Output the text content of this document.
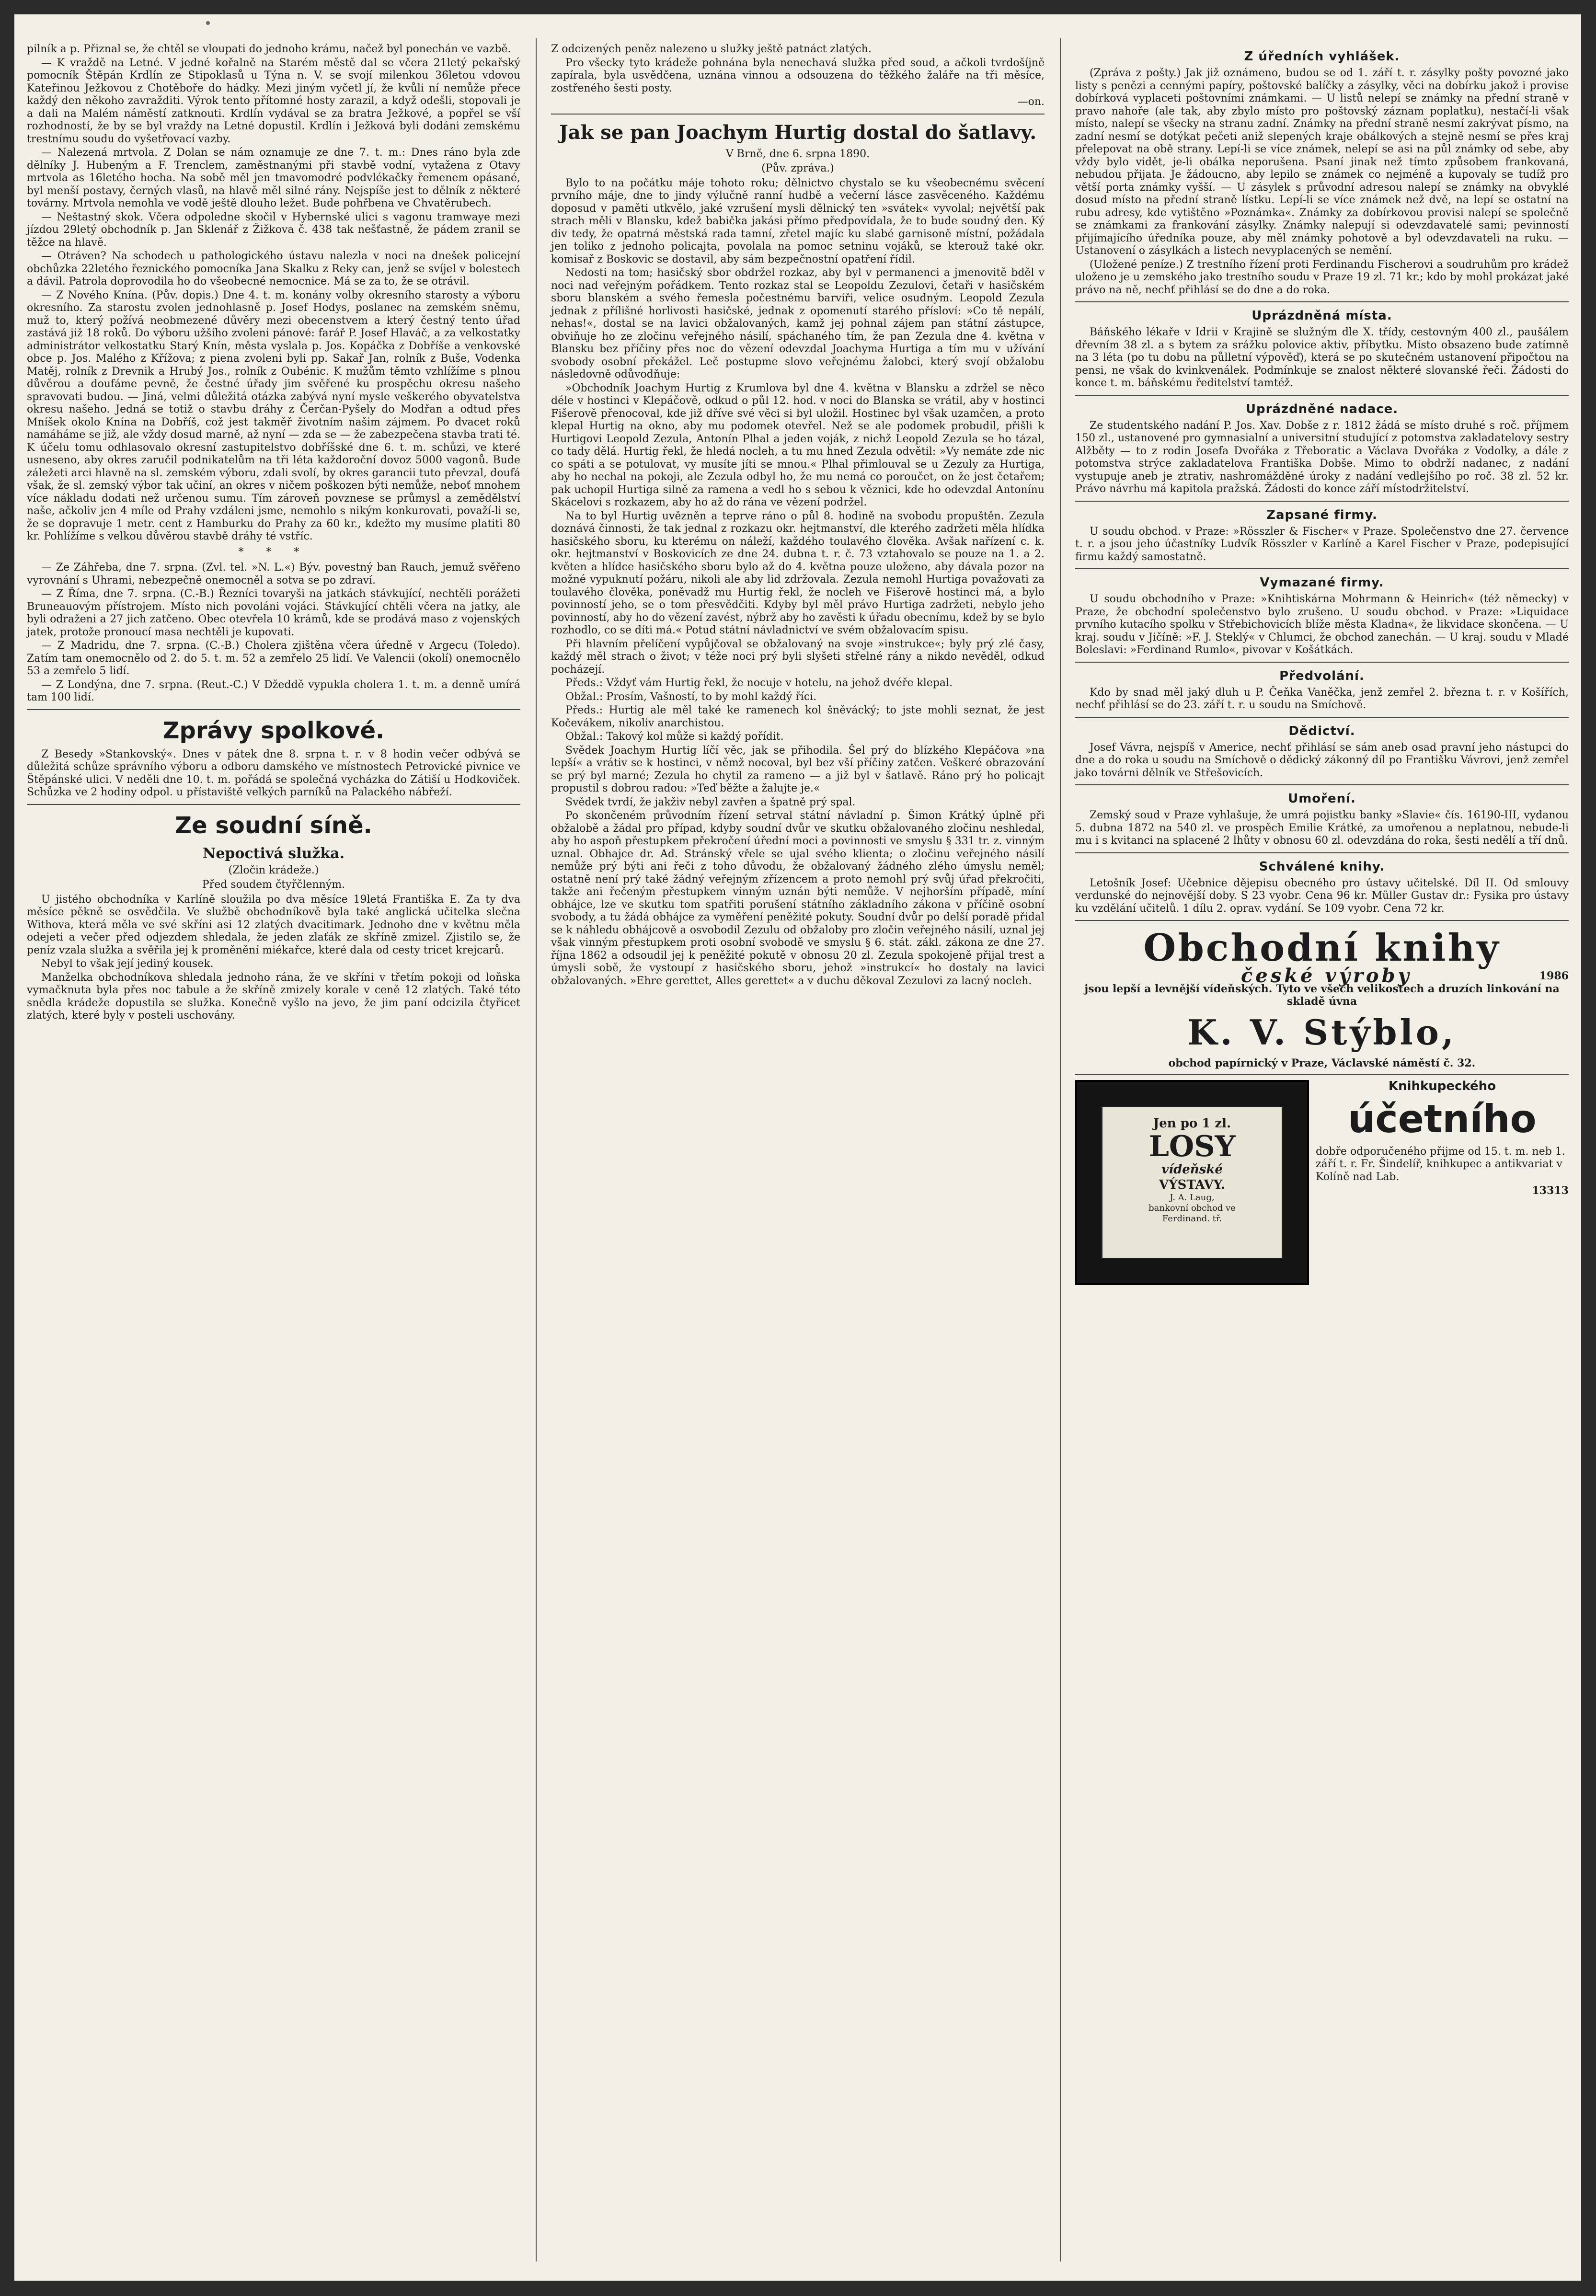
pilník a p. Přiznal se, že chtěl se vloupati do jednoho krámu, načež byl ponechán ve vazbě.

— K vraždě na Letné. V jedné kořalně na Starém městě dal se včera 21letý pekařský pomocník Štěpán Krdlín ze Stipoklasů u Týna n. V. se svojí milenkou 36letou vdovou Kateřinou Ježkovou z Chotěboře do hádky. Mezi jiným vyčetl jí, že kvůli ní nemůže přece každý den někoho zavražditi. Výrok tento přítomné hosty zarazil, a když odešli, stopovali je a dali na Malém náměstí zatknouti. Krdlín vydával se za bratra Ježkové, a popřel se vší rozhodností, že by se byl vraždy na Letné dopustil. Krdlín i Ježková byli dodáni zemskému trestnímu soudu do vyšetřovací vazby.

— Nalezená mrtvola. Z Dolan se nám oznamuje ze dne 7. t. m.: Dnes ráno byla zde dělníky J. Hubeným a F. Trenclem, zaměstnanými při stavbě vodní, vytažena z Otavy mrtvola as 16letého hocha. Na sobě měl jen tmavomodré podvlékačky řemenem opásané, byl menší postavy, černých vlasů, na hlavě měl silné rány. Nejspíše jest to dělník z některé továrny. Mrtvola nemohla ve vodě ještě dlouho ležet. Bude pohřbena ve Chvatěrubech.

— Neštastný skok. Včera odpoledne skočil v Hybernské ulici s vagonu tramwaye mezi jízdou 29letý obchodník p. Jan Sklenář z Žižkova č. 438 tak nešťastně, že pádem zranil se těžce na hlavě.

— Otráven? Na schodech u pathologického ústavu nalezla v noci na dnešek policejní obchůzka 22letého řeznického pomocníka Jana Skalku z Reky can, jenž se svíjel v bolestech a dávil. Patrola doprovodila ho do všeobecné nemocnice. Má se za to, že se otrávil.

— Z Nového Knína. (Pův. dopis.) Dne 4. t. m. konány volby okresního starosty a výboru okresního. Za starostu zvolen jednohlasně p. Josef Hodys, poslanec na zemském sněmu, muž to, který požívá neobmezené důvěry mezi obecenstvem a který čestný tento úřad zastává již 18 roků. Do výboru užšího zvoleni pánové: farář P. Josef Hlaváč, a za velkostatky administrátor velkostatku Starý Knín, města vyslala p. Jos. Kopáčka z Dobříše a venkovské obce p. Jos. Malého z Křížova; z piena zvoleni byli pp. Sakař Jan, rolník z Buše, Vodenka Matěj, rolník z Drevnik a Hrubý Jos., rolník z Oubénic. K mužům těmto vzhlížíme s plnou důvěrou a doufáme pevně, že čestné úřady jim svěřené ku prospěchu okresu našeho spravovati budou. — Jiná, velmi důležitá otázka zabývá nyní mysle veškerého obyvatelstva okresu našeho. Jedná se totiž o stavbu dráhy z Čerčan-Pyšely do Modřan a odtud přes Mníšek okolo Knína na Dobříš, což jest takměř životním našim zájmem. Po dvacet roků namáháme se již, ale vždy dosud marně, až nyní — zda se — že zabezpečena stavba trati té. K účelu tomu odhlasovalo okresní zastupitelstvo dobříšské dne 6. t. m. schůzi, ve které usneseno, aby okres zaručil podnikatelům na tři léta každoroční dovoz 5000 vagonů. Bude záležeti arci hlavně na sl. zemském výboru, zdali svolí, by okres garancii tuto převzal, doufá však, že sl. zemský výbor tak učiní, an okres v ničem poškozen býti nemůže, neboť mnohem více nákladu dodati než určenou sumu. Tím zároveň povznese se průmysl a zemědělství naše, ačkoliv jen 4 míle od Prahy vzdáleni jsme, nemohlo s nikým konkurovati, považí-li se, že se dopravuje 1 metr. cent z Hamburku do Prahy za 60 kr., kdežto my musíme platiti 80 kr. Pohlížíme s velkou důvěrou stavbě dráhy té vstříc.

* * *

— Ze Záhřeba, dne 7. srpna. (Zvl. tel. »N. L.«) Býv. povestný ban Rauch, jemuž svěřeno vyrovnání s Uhrami, nebezpečně onemocněl a sotva se po zdraví.

— Z Říma, dne 7. srpna. (C.-B.) Řezníci tovaryši na jatkách stávkující, nechtěli porážeti Bruneauovým přístrojem. Místo nich povoláni vojáci. Stávkující chtěli včera na jatky, ale byli odraženi a 27 jich zatčeno. Obec otevřela 10 krámů, kde se prodává maso z vojenských jatek, protože pronoucí masa nechtěli je kupovati.

— Z Madridu, dne 7. srpna. (C.-B.) Cholera zjištěna včera úředně v Argecu (Toledo). Zatím tam onemocnělo od 2. do 5. t. m. 52 a zemřelo 25 lidí. Ve Valencii (okolí) onemocnělo 53 a zemřelo 5 lidí.

— Z Londýna, dne 7. srpna. (Reut.-C.) V Džeddě vypukla cholera 1. t. m. a denně umírá tam 100 lidí.

Zprávy spolkové.

Z Besedy »Stankovský«. Dnes v pátek dne 8. srpna t. r. v 8 hodin večer odbývá se důležitá schůze správního výboru a odboru damského ve místnostech Petrovické pivnice ve Štěpánské ulici. V neděli dne 10. t. m. pořádá se společná vycházka do Zátiší u Hodkoviček. Schůzka ve 2 hodiny odpol. u přístaviště velkých parníků na Palackého nábřeží.

Ze soudní síně.
Nepoctivá služka.
(Zločin krádeže.)
Před soudem čtyřčlenným.

U jistého obchodníka v Karlíně sloužila po dva měsíce 19letá Františka E. Za ty dva měsíce pěkně se osvědčila. Ve službě obchodníkově byla také anglická učitelka slečna Withova, která měla ve své skříni asi 12 zlatých dvacitimark. Jednoho dne v květnu měla odejeti a večer před odjezdem shledala, že jeden zlaťák ze skříně zmizel. Zjistilo se, že peníz vzala služka a svěřila jej k proměnění miékařce, které dala od cesty tricet krejcarů.

Nebyl to však její jediný kousek.

Manželka obchodníkova shledala jednoho rána, že ve skříni v třetím pokoji od loňska vymačknuta byla přes noc tabule a že skříně zmizely korale v ceně 12 zlatých. Také této snědla krádeže dopustila se služka. Konečně vyšlo na jevo, že jim paní odcizila čtyřicet zlatých, které byly v posteli uschovány.

Z odcizených peněz nalezeno u služky ještě patnáct zlatých.

Pro všecky tyto krádeže pohnána byla nenechavá služka před soud, a ačkoli tvrdošíjně zapírala, byla usvědčena, uznána vinnou a odsouzena do těžkého žaláře na tři měsíce, zostřeného šesti posty.

—on.
Jak se pan Joachym Hurtig dostal do šatlavy.
V Brně, dne 6. srpna 1890.
(Pův. zpráva.)

Bylo to na počátku máje tohoto roku; dělnictvo chystalo se ku všeobecnému svěcení prvního máje, dne to jindy výlučně ranní hudbě a večerní lásce zasvěceného. Každému doposud v paměti utkvělo, jaké vzrušení mysli dělnický ten »svátek« vyvolal; největší pak strach měli v Blansku, kdež babička jakási přímo předpovídala, že to bude soudný den. Ký div tedy, že opatrná městská rada tamní, zřetel majíc ku slabé garnisoně místní, požádala jen toliko z jednoho policajta, povolala na pomoc setninu vojáků, se kterouž také okr. komisař z Boskovic se dostavil, aby sám bezpečnostní opatření řídil.

Nedosti na tom; hasičský sbor obdržel rozkaz, aby byl v permanenci a jmenovitě bděl v noci nad veřejným pořádkem. Tento rozkaz stal se Leopoldu Zezulovi, četaři v hasičském sboru blanském a svého řemesla počestnému barvíři, velice osudným. Leopold Zezula jednak z přílišné horlivosti hasičské, jednak z opomenutí starého přísloví: »Co tě nepálí, nehas!«, dostal se na lavici obžalovaných, kamž jej pohnal zájem pan státní zástupce, obviňuje ho ze zločinu veřejného násilí, spáchaného tím, že pan Zezula dne 4. května v Blansku bez příčiny přes noc do vězení odevzdal Joachyma Hurtiga a tím mu v užívání svobody osobní překážel. Leč postupme slovo veřejnému žalobci, který svojí obžalobu následovně odůvodňuje:

»Obchodník Joachym Hurtig z Krumlova byl dne 4. května v Blansku a zdržel se něco déle v hostinci v Klepáčově, odkud o půl 12. hod. v noci do Blanska se vrátil, aby v hostinci Fišerově přenocoval, kde již dříve své věci si byl uložil. Hostinec byl však uzamčen, a proto klepal Hurtig na okno, aby mu podomek otevřel. Než se ale podomek probudil, přišli k Hurtigovi Leopold Zezula, Antonín Plhal a jeden voják, z nichž Leopold Zezula se ho tázal, co tady dělá. Hurtig řekl, že hledá nocleh, a tu mu hned Zezula odvětil: »Vy nemáte zde nic co spáti a se potulovat, vy musíte jíti se mnou.« Plhal přimlouval se u Zezuly za Hurtiga, aby ho nechal na pokoji, ale Zezula odbyl ho, že mu nemá co poroučet, on že jest četařem; pak uchopil Hurtiga silně za ramena a vedl ho s sebou k věznici, kde ho odevzdal Antonínu Skácelovi s rozkazem, aby ho až do rána ve vězení podržel.

Na to byl Hurtig uvězněn a teprve ráno o půl 8. hodině na svobodu propuštěn. Zezula doznává činnosti, že tak jednal z rozkazu okr. hejtmanství, dle kterého zadržeti měla hlídka hasičského sboru, ku kterému on náleží, každého toulavého člověka. Avšak nařízení c. k. okr. hejtmanství v Boskovicích ze dne 24. dubna t. r. č. 73 vztahovalo se pouze na 1. a 2. květen a hlídce hasičského sboru bylo až do 4. května pouze uloženo, aby dávala pozor na možné vypuknutí požáru, nikoli ale aby lid zdržovala. Zezula nemohl Hurtiga považovati za toulavého člověka, poněvadž mu Hurtig řekl, že nocleh ve Fišerově hostinci má, a bylo povinností jeho, se o tom přesvědčiti. Kdyby byl měl právo Hurtiga zadržeti, nebylo jeho povinností, aby ho do vězení zavést, nýbrž aby ho zavěsti k úřadu obecnímu, kdež by se bylo rozhodlo, co se díti má.« Potud státní návladnictví ve svém obžalovacím spisu.

Při hlavním přelíčení vypůjčoval se obžalovaný na svoje »instrukce«; byly prý zlé časy, každý měl strach o život; v téže noci prý byli slyšeti střelné rány a nikdo nevěděl, odkud pocházejí.

Předs.: Vždyť vám Hurtig řekl, že nocuje v hotelu, na jehož dvéře klepal.

Obžal.: Prosím, Vašností, to by mohl každý říci.

Předs.: Hurtig ale měl také ke ramenech kol šněvácký; to jste mohli seznat, že jest Kočevákem, nikoliv anarchistou.

Obžal.: Takový kol může si každý pořídit.

Svědek Joachym Hurtig líčí věc, jak se přihodila. Šel prý do blízkého Klepáčova »na lepší« a vrátiv se k hostinci, v němž nocoval, byl bez vší příčiny zatčen. Veškeré obrazování se prý byl marné; Zezula ho chytil za rameno — a již byl v šatlavě. Ráno prý ho policajt propustil s dobrou radou: »Teď běžte a žalujte je.«

Svědek tvrdí, že jakživ nebyl zavřen a špatně prý spal.

Po skončeném průvodním řízení setrval státní návladní p. Šimon Krátký úplně při obžalobě a žádal pro případ, kdyby soudní dvůr ve skutku obžalovaného zločinu neshledal, aby ho aspoň přestupkem překročení úřední moci a povinnosti ve smyslu § 331 tr. z. vinným uznal. Obhajce dr. Ad. Stránský vřele se ujal svého klienta; o zločinu veřejného násilí nemůže prý býti ani řeči z toho důvodu, že obžalovaný žádného zlého úmyslu neměl; ostatně není prý také žádný veřejným zřízencem a proto nemohl prý svůj úřad překročiti, takže ani řečeným přestupkem vinným uznán býti nemůže. V nejhorším případě, míní obhájce, lze ve skutku tom spatřiti porušení státního základního zákona v příčině osobní svobody, a tu žádá obhájce za vyměření peněžité pokuty. Soudní dvůr po delší poradě přidal se k náhledu obhájcově a osvobodil Zezulu od obžaloby pro zločin veřejného násilí, uznal jej však vinným přestupkem proti osobní svobodě ve smyslu § 6. stát. zákl. zákona ze dne 27. října 1862 a odsoudil jej k peněžité pokutě v obnosu 20 zl. Zezula spokojeně přijal trest a úmysli sobě, že vystoupí z hasičského sboru, jehož »instrukcí« ho dostaly na lavici obžalovaných. »Ehre gerettet, Alles gerettet« a v duchu děkoval Zezulovi za lacný nocleh.

Z úředních vyhlášek.

(Zpráva z pošty.) Jak již oznámeno, budou se od 1. září t. r. zásylky pošty povozné jako listy s penězi a cennými papíry, poštovské balíčky a zásylky, věci na dobírku jakož i provise dobírková vyplaceti poštovními známkami. — U listů nelepí se známky na přední straně v pravo nahoře (ale tak, aby zbylo místo pro poštovský záznam poplatku), nestačí-li však místo, nalepí se všecky na stranu zadní. Známky na přední straně nesmí zakrývat písmo, na zadní nesmí se dotýkat pečeti aniž slepených kraje obálkových a stejně nesmí se přes kraj přelepovat na obě strany. Lepí-li se více známek, nelepí se asi na půl známky od sebe, aby vždy bylo vidět, je-li obálka neporušena. Psaní jinak než tímto způsobem frankovaná, nebudou přijata. Je žádoucno, aby lepilo se známek co nejméně a kupovaly se tudíž pro větší porta známky vyšší. — U zásylek s průvodní adresou nalepí se známky na obvyklé dosud místo na přední straně lístku. Lepí-li se více známek než dvě, na lepí se ostatní na rubu adresy, kde vytištěno »Poznámka«. Známky za dobírkovou provisi nalepí se společně se známkami za frankování zásylky. Známky nalepují si odevzdavatelé sami; pevinností přijímajícího úředníka pouze, aby měl známky pohotově a byl odevzdavateli na ruku. — Ustanovení o zásylkách a listech nevyplacených se nemění.

(Uložené peníze.) Z trestního řízení proti Ferdinandu Fischerovi a soudruhům pro krádež uloženo je u zemského jako trestního soudu v Praze 19 zl. 71 kr.; kdo by mohl prokázat jaké právo na ně, nechť přihlásí se do dne a do roka.

Uprázdněná místa.

Báňského lékaře v Idrii v Krajině se služným dle X. třídy, cestovným 400 zl., paušálem dřevním 38 zl. a s bytem za srážku polovice aktiv, příbytku. Místo obsazeno bude zatímně na 3 léta (po tu dobu na půlletní výpověď), která se po skutečném ustanovení připočtou na pensi, ne však do kvinkvenálek. Podmínkuje se znalost některé slovanské řeči. Žádosti do konce t. m. báňskému ředitelství tamtéž.

Uprázdněné nadace.

Ze studentského nadání P. Jos. Xav. Dobše z r. 1812 žádá se místo druhé s roč. příjmem 150 zl., ustanovené pro gymnasialní a universitní studující z potomstva zakladatelovy sestry Alžběty — to z rodin Josefa Dvořáka z Třeboratic a Václava Dvořáka z Vodolky, a dále z potomstva strýce zakladatelova Františka Dobše. Mimo to obdrží nadanec, z nadání vystupuje aneb je ztrativ, nashromážděné úroky z nadání vedlejšího po roč. 38 zl. 52 kr. Právo návrhu má kapitola pražská. Žádosti do konce září místodržitelství.

Zapsané firmy.

U soudu obchod. v Praze: »Rösszler & Fischer« v Praze. Společenstvo dne 27. července t. r. a jsou jeho účastníky Ludvík Rösszler v Karlíně a Karel Fischer v Praze, podepisující firmu každý samostatně.

Vymazané firmy.

U soudu obchodního v Praze: »Knihtiskárna Mohrmann & Heinrich« (též německy) v Praze, že obchodní společenstvo bylo zrušeno. U soudu obchod. v Praze: »Liquidace prvního kutacího spolku v Střebichovicích blíže města Kladna«, že likvidace skončena. — U kraj. soudu v Jičíně: »F. J. Steklý« v Chlumci, že obchod zanechán. — U kraj. soudu v Mladé Boleslavi: »Ferdinand Rumlo«, pivovar v Košátkách.

Předvolání.

Kdo by snad měl jaký dluh u P. Čeňka Vaněčka, jenž zemřel 2. března t. r. v Košířích, nechť přihlásí se do 23. září t. r. u soudu na Smíchově.

Dědictví.

Josef Vávra, nejspíš v Americe, nechť přihlásí se sám aneb osad pravní jeho nástupci do dne a do roka u soudu na Smíchově o dědický zákonný díl po Františku Vávrovi, jenž zemřel jako továrni dělník ve Střešovicích.

Umoření.

Zemský soud v Praze vyhlašuje, že umrá pojistku banky »Slavie« čís. 16190-III, vydanou 5. dubna 1872 na 540 zl. ve prospěch Emilie Krátké, za umořenou a neplatnou, nebude-li mu i s kvitanci na splacené 2 lhůty v obnosu 60 zl. odevzdána do roka, šesti nedělí a tří dnů.

Schválené knihy.

Letošník Josef: Učebnice dějepisu obecného pro ústavy učitelské. Díl II. Od smlouvy verdunské do nejnovější doby. S 23 vyobr. Cena 96 kr. Müller Gustav dr.: Fysika pro ústavy ku vzdělání učitelů. 1 dílu 2. oprav. vydání. Se 109 vyobr. Cena 72 kr.

Obchodní knihy
české výroby	1986

jsou lepší a levnější vídeňských. Tyto ve všech velikostech a druzích linkování na skladě úvna

K. V. Stýblo,

obchod papírnický v Praze, Václavské náměstí č. 32.

Jen po 1 zl.
LOSY
vídeňské
VÝSTAVY.
J. A. Laug,
bankovní obchod ve
Ferdinand. tř.
Knihkupeckého
účetního

dobře odporučeného přijme od 15. t. m. neb 1. září t. r. Fr. Šindelíř, knihkupec a antikvariat v Kolíně nad Lab.

13313
